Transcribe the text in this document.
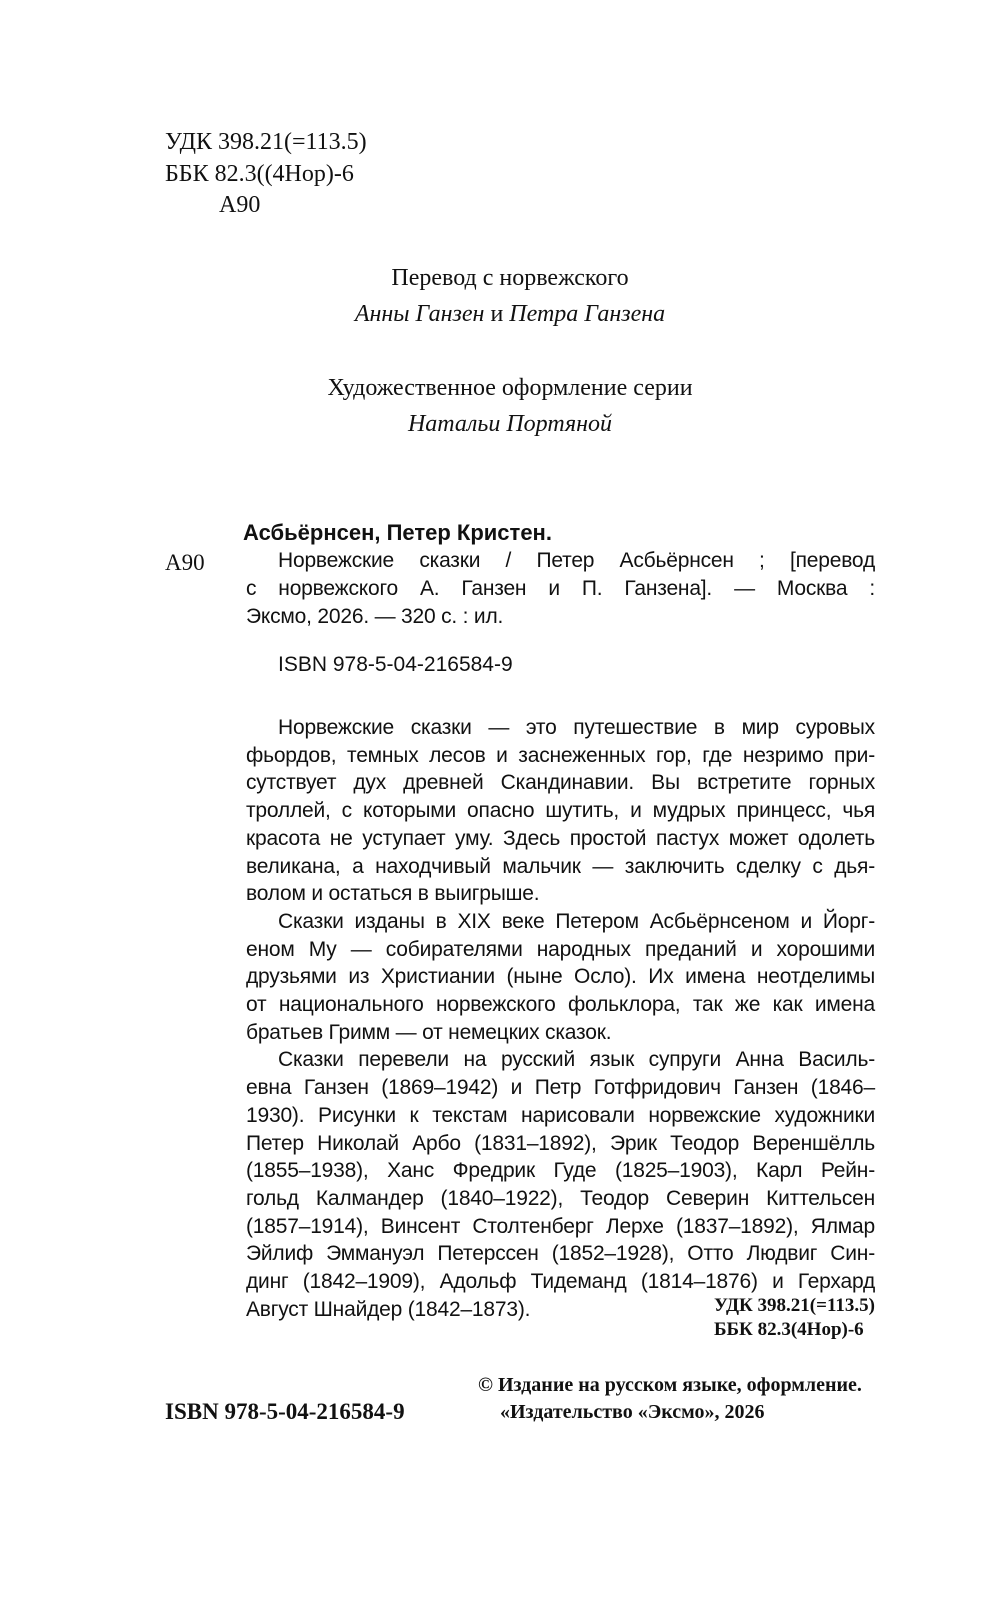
УДК 398.21(=113.5)
ББК 82.3((4Нор)-6
А90
Перевод с норвежского
Анны Ганзен и Петра Ганзена
Художественное оформление серии
Натальи Портяной
Асбьёрнсен, Петер Кристен.
А90	Норвежские сказки / Петер Асбьёрнсен ; [перевод

с норвежского А. Ганзен и П. Ганзена]. — Москва :

Эксмо, 2026. — 320 с. : ил.

ISBN 978-5-04-216584-9

Норвежские сказки — это путешествие в мир суровых

фьордов, темных лесов и заснеженных гор, где незримо при-

сутствует дух древней Скандинавии. Вы встретите горных

троллей, с которыми опасно шутить, и мудрых принцесс, чья

красота не уступает уму. Здесь простой пастух может одолеть

великана, а находчивый мальчик — заключить сделку с дья-

волом и остаться в выигрыше.

Сказки изданы в XIX веке Петером Асбьёрнсеном и Йорг-

еном Му — собирателями народных преданий и хорошими

друзьями из Христиании (ныне Осло). Их имена неотделимы

от национального норвежского фольклора, так же как имена

братьев Гримм — от немецких сказок.

Сказки перевели на русский язык супруги Анна Василь-

евна Ганзен (1869–1942) и Петр Готфридович Ганзен (1846–

1930). Рисунки к текстам нарисовали норвежские художники

Петер Николай Арбо (1831–1892), Эрик Теодор Вереншёлль

(1855–1938), Ханс Фредрик Гуде (1825–1903), Карл Рейн-

гольд Калмандер (1840–1922), Теодор Северин Киттельсен

(1857–1914), Винсент Столтенберг Лерхе (1837–1892), Ялмар

Эйлиф Эммануэл Петерссен (1852–1928), Отто Людвиг Син-

динг (1842–1909), Адольф Тидеманд (1814–1876) и Герхард

Август Шнайдер (1842–1873).	УДК 398.21(=113.5)
ББК 82.3(4Нор)-6
ISBN 978-5-04-216584-9
© Издание на русском языке, оформление.
«Издательство «Эксмо», 2026
